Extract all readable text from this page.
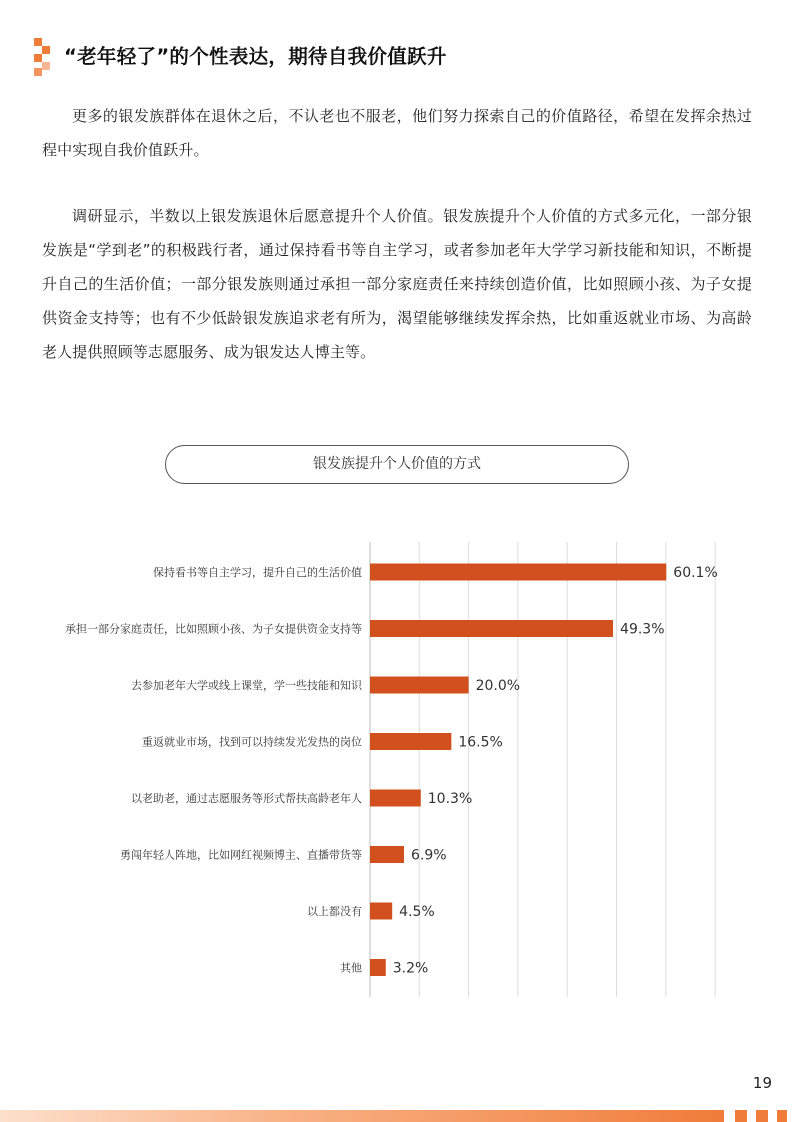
“老年轻了”的个性表达，期待自我价值跃升
更多的银发族群体在退休之后，不认老也不服老，他们努力探索自己的价值路径，希望在发挥余热过程中实现自我价值跃升。
调研显示，半数以上银发族退休后愿意提升个人价值。银发族提升个人价值的方式多元化，一部分银发族是“学到老”的积极践行者，通过保持看书等自主学习，或者参加老年大学学习新技能和知识，不断提升自己的生活价值；一部分银发族则通过承担一部分家庭责任来持续创造价值，比如照顾小孩、为子女提供资金支持等；也有不少低龄银发族追求老有所为，渴望能够继续发挥余热，比如重返就业市场、为高龄老人提供照顾等志愿服务、成为银发达人博主等。
银发族提升个人价值的方式
保持看书等自主学习，提升自己的生活价值	60.1%
承担一部分家庭责任，比如照顾小孩、为子女提供资金支持等	49.3%
去参加老年大学或线上课堂，学一些技能和知识	20.0%
重返就业市场，找到可以持续发光发热的岗位	16.5%
以老助老，通过志愿服务等形式帮扶高龄老年人	10.3%
勇闯年轻人阵地，比如网红视频博主、直播带货等	6.9%
以上都没有	4.5%
其他 3.2%
19
